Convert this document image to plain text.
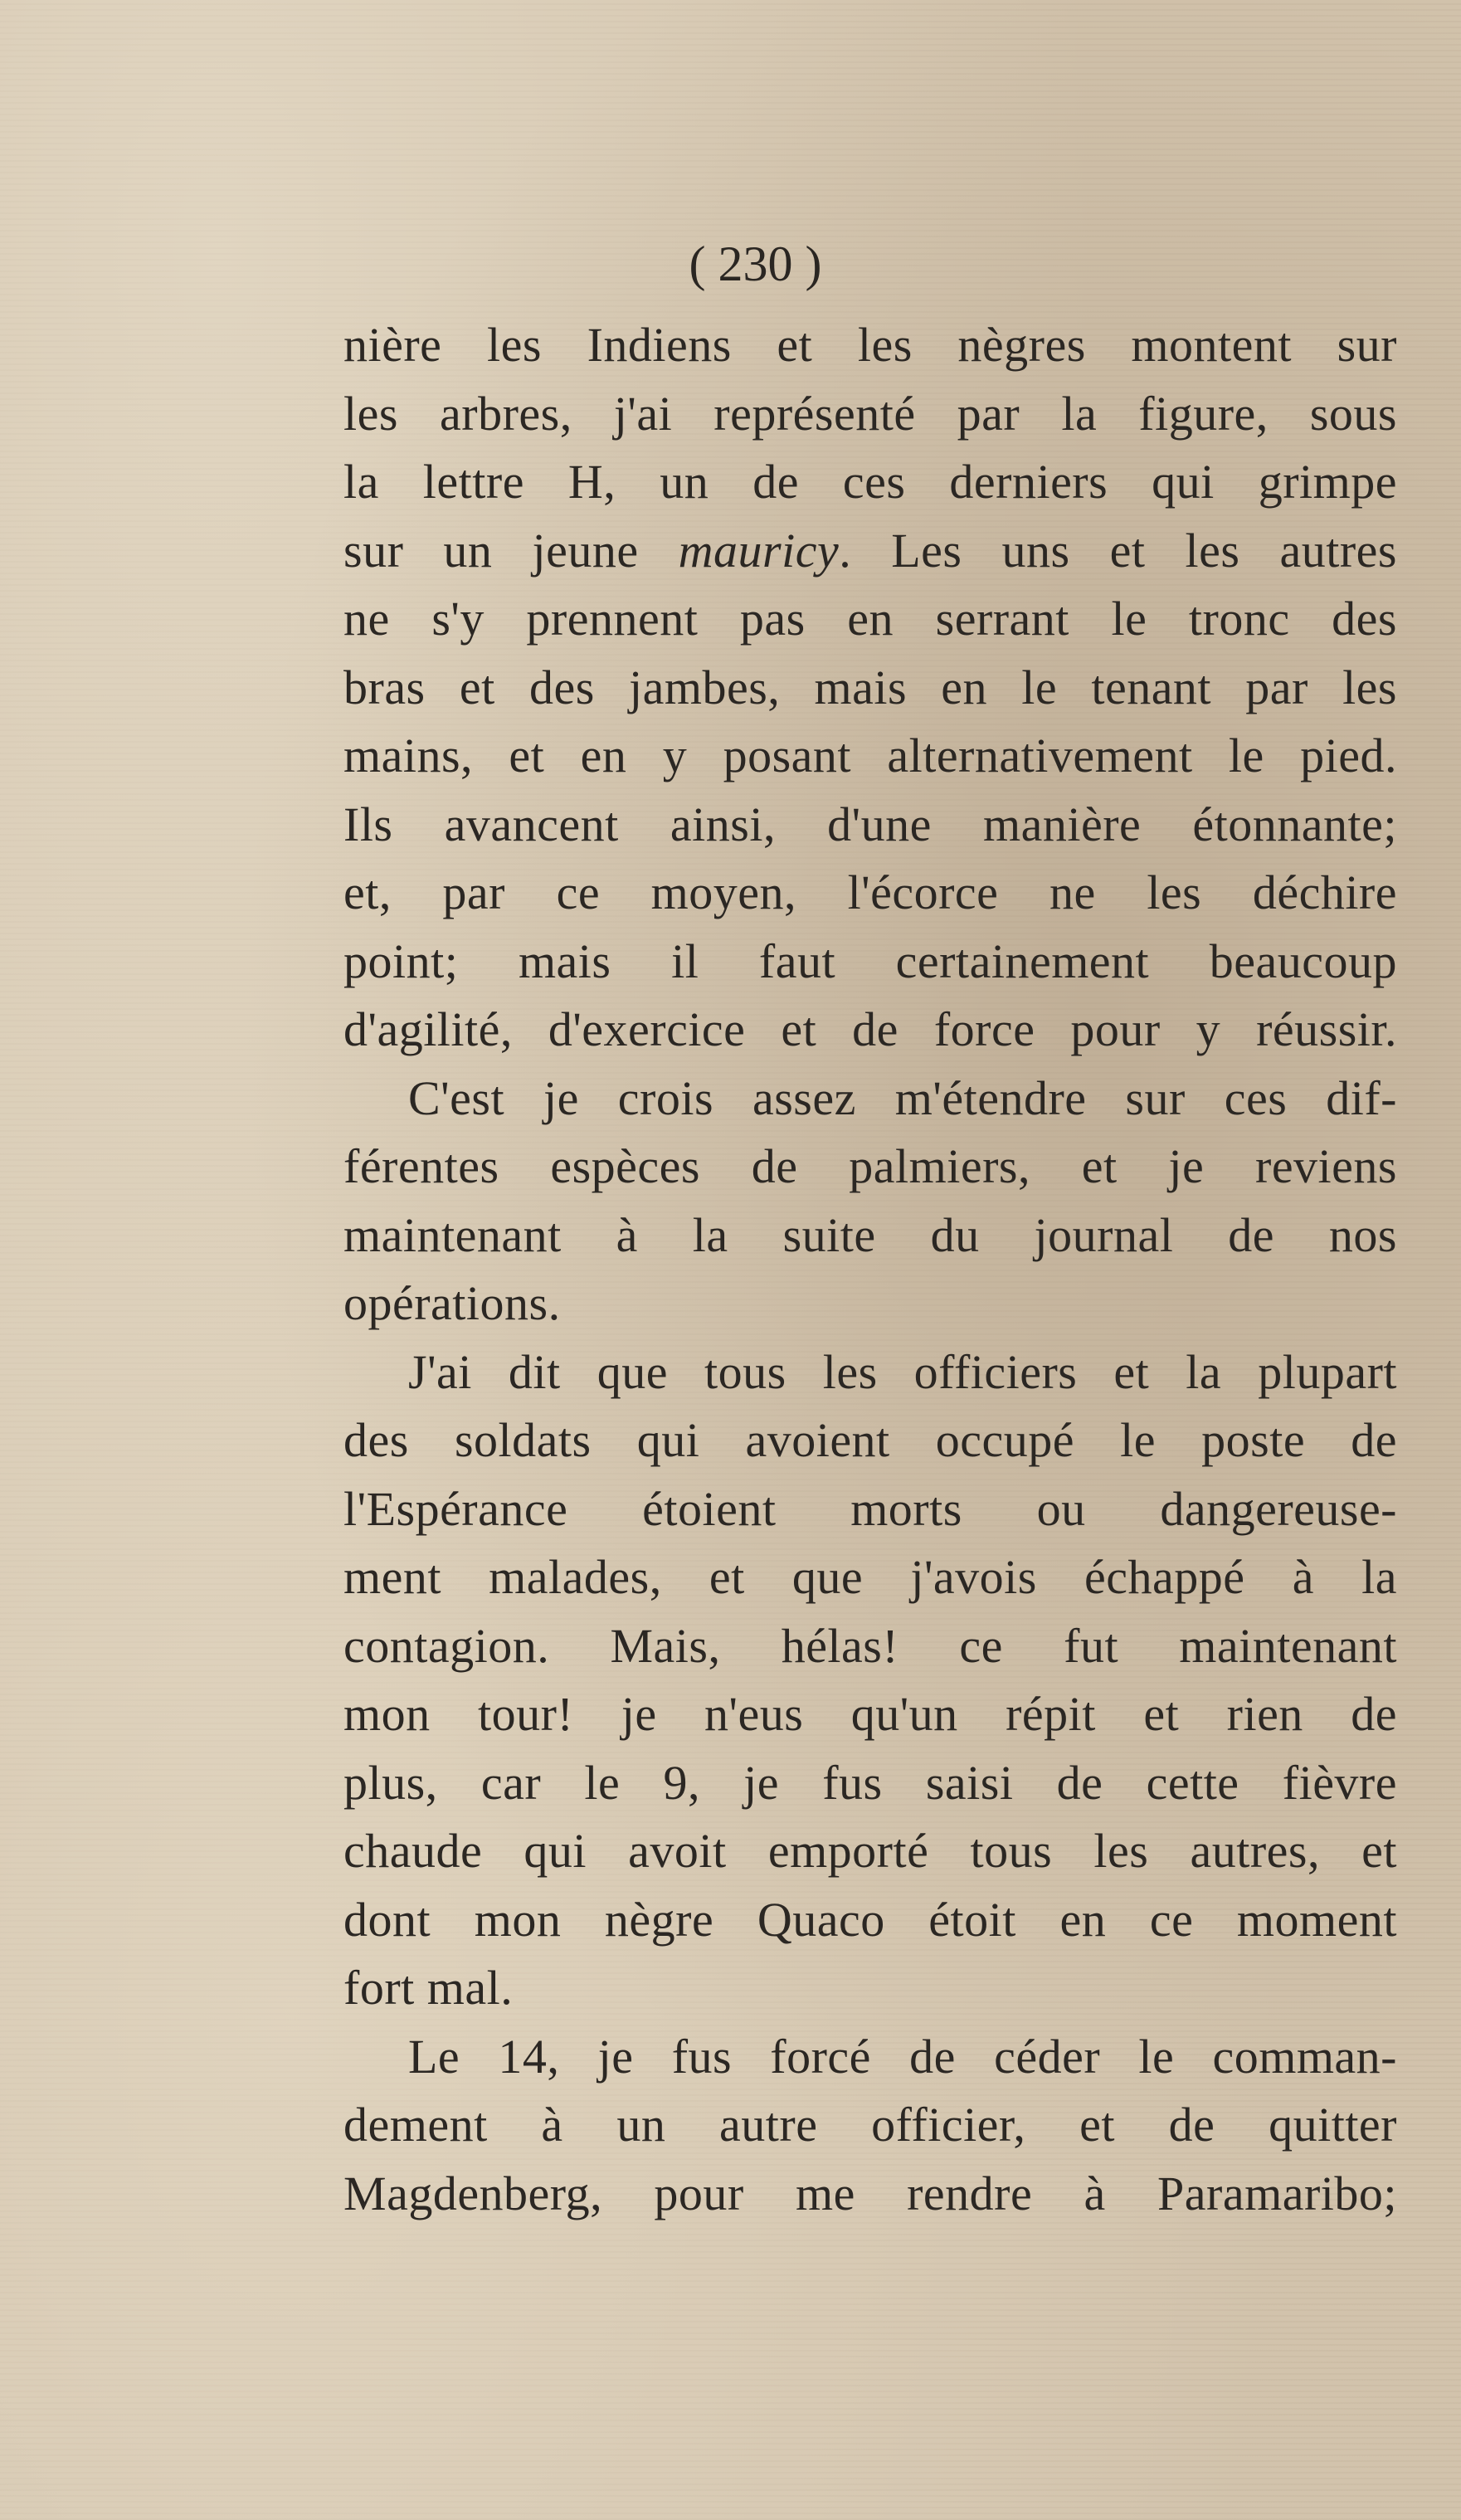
( 230 )
nière les Indiens et les nègres montent sur
les arbres, j'ai représenté par la figure, sous
la lettre H, un de ces derniers qui grimpe
sur un jeune mauricy. Les uns et les autres
ne s'y prennent pas en serrant le tronc des
bras et des jambes, mais en le tenant par les
mains, et en y posant alternativement le pied.
Ils avancent ainsi, d'une manière étonnante;
et, par ce moyen, l'écorce ne les déchire
point; mais il faut certainement beaucoup
d'agilité, d'exercice et de force pour y réussir.
C'est je crois assez m'étendre sur ces dif-
férentes espèces de palmiers, et je reviens
maintenant à la suite du journal de nos
opérations.
J'ai dit que tous les officiers et la plupart
des soldats qui avoient occupé le poste de
l'Espérance étoient morts ou dangereuse-
ment malades, et que j'avois échappé à la
contagion. Mais, hélas! ce fut maintenant
mon tour! je n'eus qu'un répit et rien de
plus, car le 9, je fus saisi de cette fièvre
chaude qui avoit emporté tous les autres, et
dont mon nègre Quaco étoit en ce moment
fort mal.
Le 14, je fus forcé de céder le comman-
dement à un autre officier, et de quitter
Magdenberg, pour me rendre à Paramaribo;
